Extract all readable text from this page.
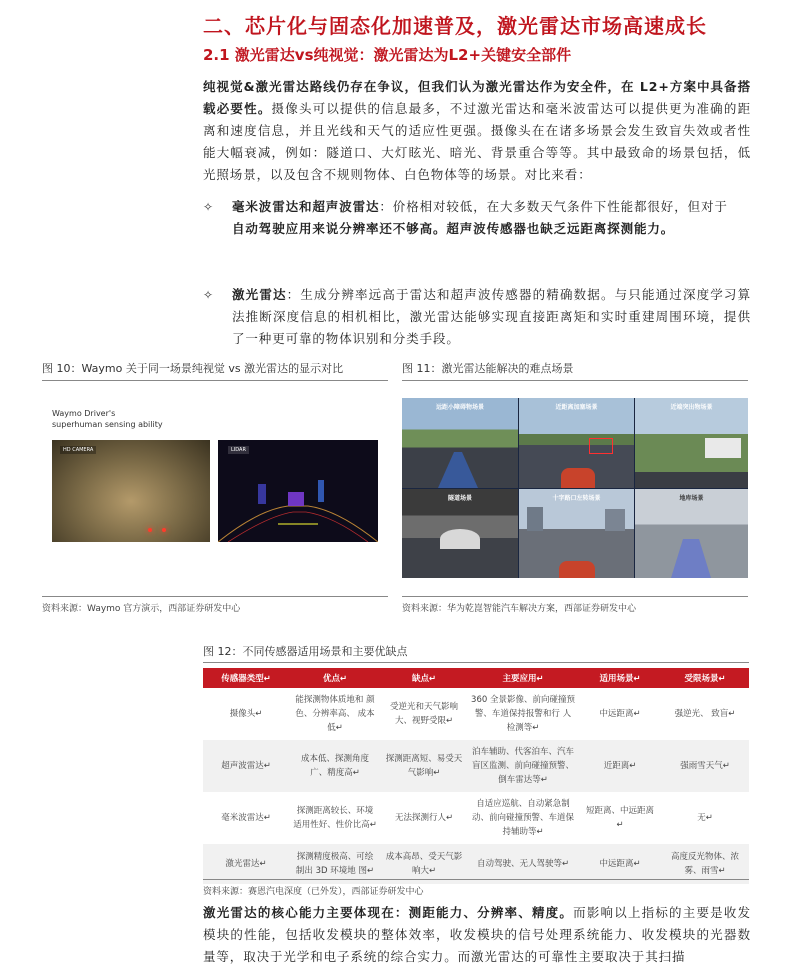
二、芯片化与固态化加速普及，激光雷达市场高速成长
2.1 激光雷达vs纯视觉：激光雷达为L2+关键安全部件
纯视觉&激光雷达路线仍存在争议，但我们认为激光雷达作为安全件，在 L2+方案中具备搭载必要性。摄像头可以提供的信息最多，不过激光雷达和毫米波雷达可以提供更为准确的距离和速度信息，并且光线和天气的适应性更强。摄像头在在诸多场景会发生致盲失效或者性能大幅衰减，例如：隧道口、大灯眩光、暗光、背景重合等等。其中最致命的场景包括，低光照场景，以及包含不规则物体、白色物体等的场景。对比来看：
✧ 毫米波雷达和超声波雷达：价格相对较低，在大多数天气条件下性能都很好，但对于
自动驾驶应用来说分辨率还不够高。超声波传感器也缺乏远距离探测能力。
✧ 激光雷达：生成分辨率远高于雷达和超声波传感器的精确数据。与只能通过深度学习算法推断深度信息的相机相比，激光雷达能够实现直接距离矩和实时重建周围环境，提供了一种更可靠的物体识别和分类手段。
图 10：Waymo 关于同一场景纯视觉 vs 激光雷达的显示对比
Waymo Driver's
superhuman sensing ability
HD CAMERA	LIDAR
资料来源：Waymo 官方演示，西部证券研发中心
图 11：激光雷达能解决的难点场景
远距小障碍物场景	近距离加塞场景	近端突出物场景
隧道场景	十字路口左转场景	地库场景
资料来源：华为乾崑智能汽车解决方案，西部证券研发中心
图 12：不同传感器适用场景和主要优缺点
传感器类型↵	优点↵	缺点↵	主要应用↵	适用场景↵	受限场景↵
摄像头↵	能探测物体质地和 颜色、分辨率高、 成本低↵	受逆光和天气影响大、视野受限↵	360 全景影像、前向碰撞预警、车道保持报警和行 人检测等↵	中远距离↵	强逆光、 致盲↵
超声波雷达↵	成本低、探测角度广、精度高↵	探测距离短、易受天气影响↵	泊车辅助、代客泊车、汽车盲区监测、前向碰撞预警、倒车雷达等↵	近距离↵	强雨雪天气↵
毫米波雷达↵	探测距离较长、环境适用性好、性价比高↵	无法探测行人↵	自适应巡航、自动紧急制动、前向碰撞预警、车道保持辅助等↵	短距离、中远距离↵	无↵
激光雷达↵	探测精度极高、可绘制出 3D 环境地 图↵	成本高昂、受天气影响大↵	自动驾驶、无人驾驶等↵	中远距离↵	高度反光物体、浓雾、雨雪↵
资料来源：赛恩汽电深度（已外发），西部证券研发中心
激光雷达的核心能力主要体现在：测距能力、分辨率、精度。而影响以上指标的主要是收发模块的性能，包括收发模块的整体效率，收发模块的信号处理系统能力、收发模块的光器数量等，取决于光学和电子系统的综合实力。而激光雷达的可靠性主要取决于其扫描
